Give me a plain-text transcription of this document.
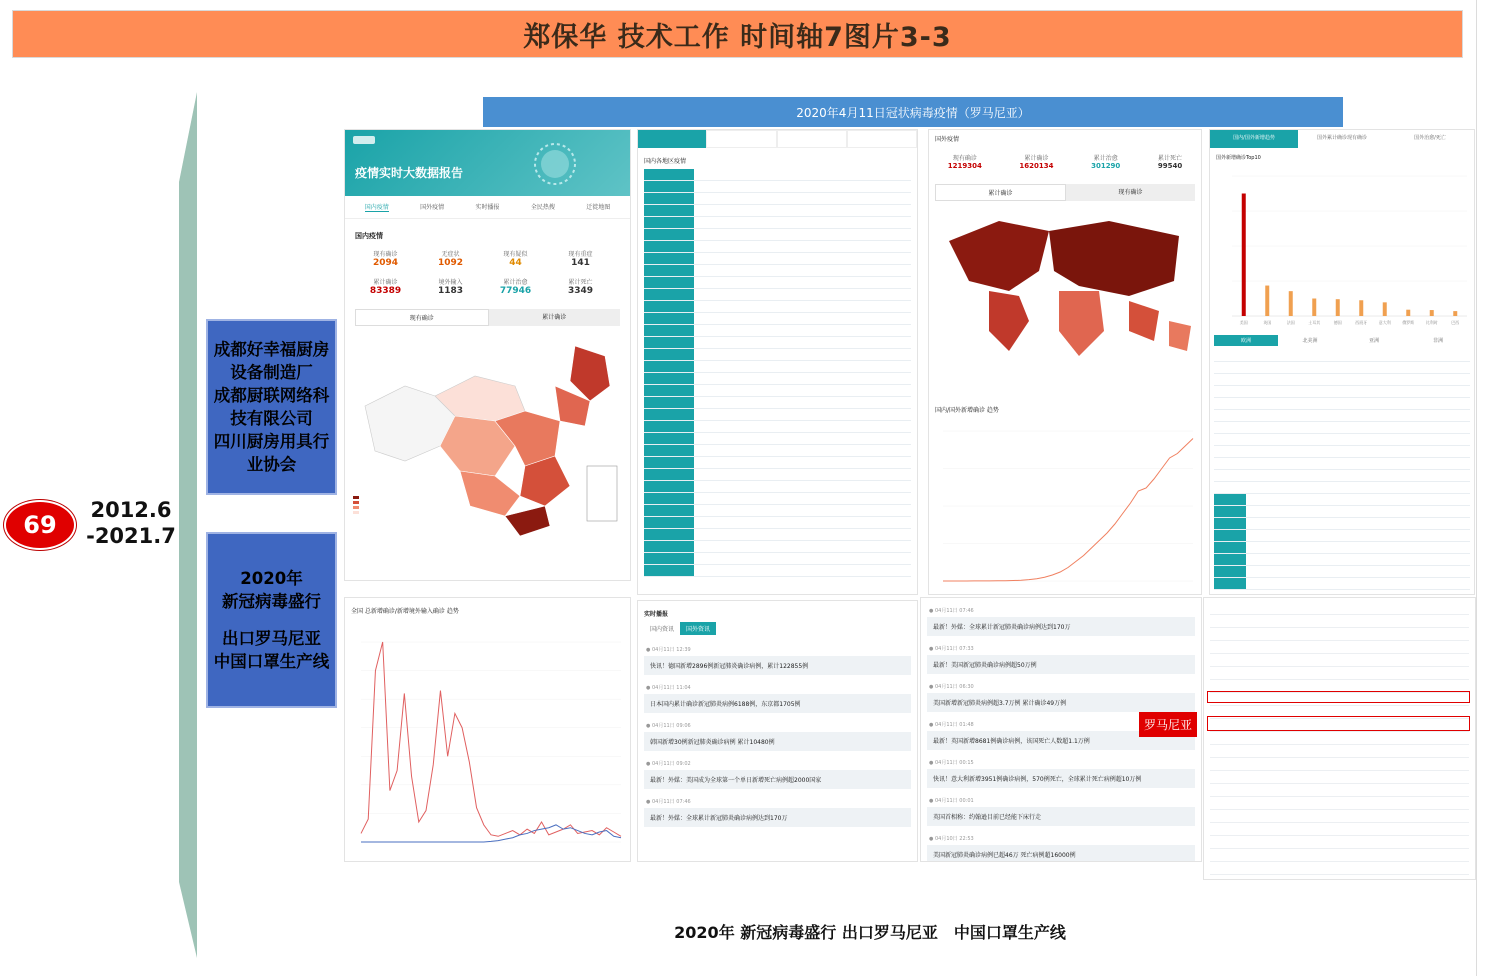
郑保华 技术工作 时间轴7图片3-3
69
2012.6
-2021.7
成都好幸福厨房
设备制造厂
成都厨联网络科
技有限公司
四川厨房用具行
业协会
2020年
新冠病毒盛行
出口罗马尼亚
中国口罩生产线
2020年4月11日冠状病毒疫情（罗马尼亚）
疫情实时大数据报告
国内疫情	国外疫情	实时播报	全民热搜	迁徙地图
国内疫情
现有确诊
2094
无症状
1092
现有疑似
44
现有重症
141
累计确诊
83389
境外输入
1183
累计治愈
77946
累计死亡
3349
现有确诊	累计确诊
国内各地区疫情
国外疫情
现有确诊
1219304
累计确诊
1620134
累计治愈
301290
累计死亡
99540
累计确诊	现有确诊
国内/国外新增确诊 趋势
国内/国外新增趋势	国外累计确诊现有确诊	国外治愈/死亡
国外新增确诊Top10
美国	英国	法国	土耳其	德国	西班牙	意大利	俄罗斯	比利时	巴西
欧洲	北美洲	亚洲	非洲
全国 总新增确诊/新增境外输入确诊 趋势	实时播报
国内资讯	国外资讯
● 04月11日 12:39
快讯！德国新增2896例新冠肺炎确诊病例，累计122855例
● 04月11日 11:04
日本国内累计确诊新冠肺炎病例6188例，东京都1705例
● 04月11日 09:06
韩国新增30例新冠肺炎确诊病例 累计10480例
● 04月11日 09:02
最新！外媒：美国成为全球第一个单日新增死亡病例超2000国家
● 04月11日 07:46
最新！外媒：全球累计新冠肺炎确诊病例达到170万
● 04月11日 07:46
最新！外媒：全球累计新冠肺炎确诊病例达到170万
● 04月11日 07:33
最新！美国新冠肺炎确诊病例超50万例
● 04月11日 06:30
美国新增新冠肺炎病例超3.7万例 累计确诊49万例
● 04月11日 01:48
最新！英国新增8681例确诊病例，该国死亡人数超1.1万例
● 04月11日 00:15
快讯！意大利新增3951例确诊病例，570例死亡，全球累计死亡病例超10万例
● 04月11日 00:01
英国首相称：约翰逊目前已经能下床行走
● 04月10日 22:53
美国新冠肺炎确诊病例已超46万 死亡病例超16000例
罗马尼亚
2020年 新冠病毒盛行 出口罗马尼亚　中国口罩生产线
